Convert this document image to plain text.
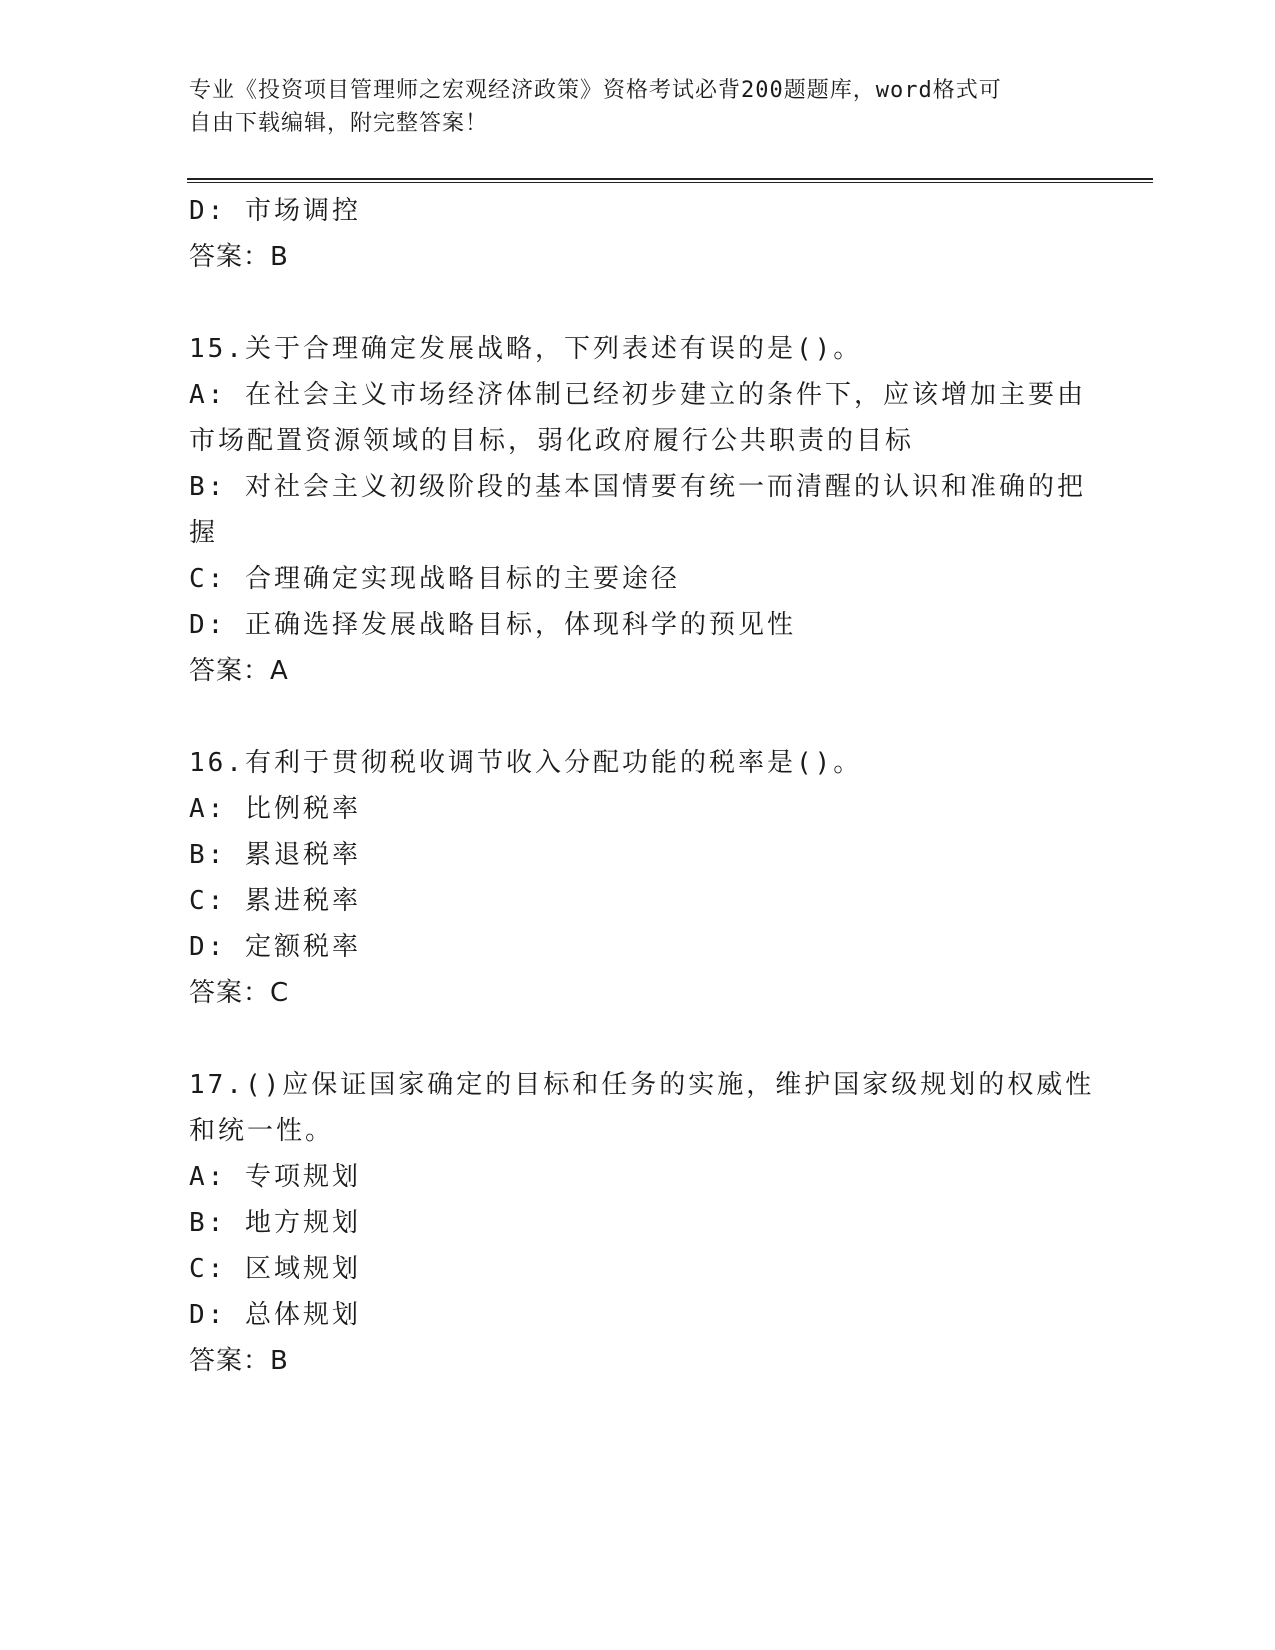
专业《投资项目管理师之宏观经济政策》资格考试必背200题题库，word格式可
自由下载编辑，附完整答案！
D: 市场调控
答案：B
15.关于合理确定发展战略，下列表述有误的是()。
A: 在社会主义市场经济体制已经初步建立的条件下，应该增加主要由
市场配置资源领域的目标，弱化政府履行公共职责的目标
B: 对社会主义初级阶段的基本国情要有统一而清醒的认识和准确的把
握
C: 合理确定实现战略目标的主要途径
D: 正确选择发展战略目标，体现科学的预见性
答案：A
16.有利于贯彻税收调节收入分配功能的税率是()。
A: 比例税率
B: 累退税率
C: 累进税率
D: 定额税率
答案：C
17.()应保证国家确定的目标和任务的实施，维护国家级规划的权威性
和统一性。
A: 专项规划
B: 地方规划
C: 区域规划
D: 总体规划
答案：B
